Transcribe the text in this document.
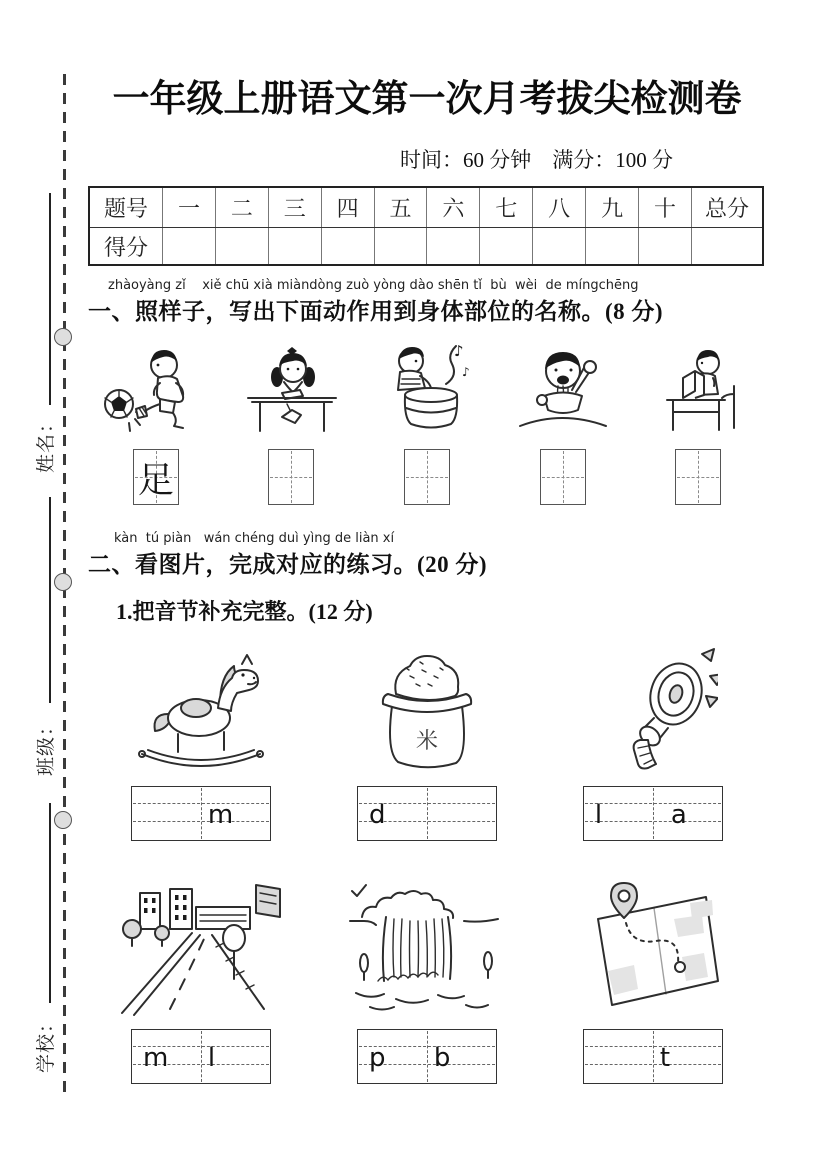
姓名：
班级：
学校：
一年级上册语文第一次月考拔尖检测卷
时间：60 分钟    满分：100 分
题号	一	二	三	四	五	六	七	八	九	十	总分
得分											
zhàoyàng zǐ    xiě chū xià miàndòng zuò yòng dào shēn tǐ  bù  wèi  de míngchēng
一、照样子，写出下面动作用到身体部位的名称。(8 分)
♪
♪
足
kàn  tú piàn   wán chéng duì yìng de liàn xí
二、看图片，完成对应的练习。(20 分)
1.把音节补充完整。(12 分)
米
m	d	l	a
m l	p b	t
